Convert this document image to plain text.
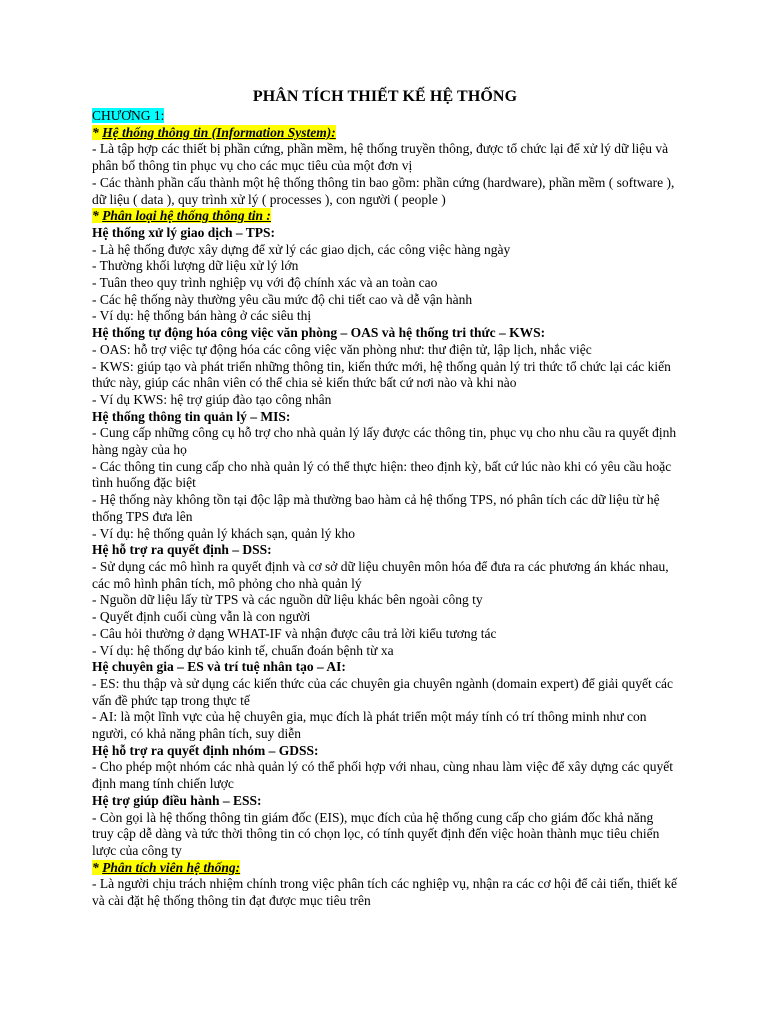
PHÂN TÍCH THIẾT KẾ HỆ THỐNG

CHƯƠNG 1:

* Hệ thống thông tin (Information System):

- Là tập hợp các thiết bị phần cứng, phần mềm, hệ thống truyền thông, được tổ chức lại để xử lý dữ liệu và phân bố thông tin phục vụ cho các mục tiêu của một đơn vị

- Các thành phần cấu thành một hệ thống thông tin bao gồm: phần cứng (hardware), phần mềm ( software ), dữ liệu ( data ), quy trình xử lý ( processes ), con người ( people )

* Phân loại hệ thống thông tin :

Hệ thống xử lý giao dịch – TPS:

- Là hệ thống được xây dựng để xử lý các giao dịch, các công việc hàng ngày

- Thường khối lượng dữ liệu xử lý lớn

- Tuân theo quy trình nghiệp vụ với độ chính xác và an toàn cao

- Các hệ thống này thường yêu cầu mức độ chi tiết cao và dễ vận hành

- Ví dụ: hệ thống bán hàng ở các siêu thị

Hệ thống tự động hóa công việc văn phòng – OAS và hệ thống tri thức – KWS:

- OAS: hỗ trợ việc tự động hóa các công việc văn phòng như: thư điện tử, lập lịch, nhắc việc

- KWS: giúp tạo và phát triển những thông tin, kiến thức mới, hệ thống quản lý tri thức tổ chức lại các kiến thức này, giúp các nhân viên có thể chia sẻ kiến thức bất cứ nơi nào và khi nào

- Ví dụ KWS: hệ trợ giúp đào tạo công nhân

Hệ thống thông tin quản lý – MIS:

- Cung cấp những công cụ hỗ trợ cho nhà quản lý lấy được các thông tin, phục vụ cho nhu cầu ra quyết định hàng ngày của họ

- Các thông tin cung cấp cho nhà quản lý có thể thực hiện: theo định kỳ, bất cứ lúc nào khi có yêu cầu hoặc tình huống đặc biệt

- Hệ thống này không tồn tại độc lập mà thường bao hàm cả hệ thống TPS, nó phân tích các dữ liệu từ hệ thống TPS đưa lên

- Ví dụ: hệ thống quản lý khách sạn, quản lý kho

Hệ hỗ trợ ra quyết định – DSS:

- Sử dụng các mô hình ra quyết định và cơ sở dữ liệu chuyên môn hóa để đưa ra các phương án khác nhau, các mô hình phân tích, mô phỏng cho nhà quản lý

- Nguồn dữ liệu lấy từ TPS và các nguồn dữ liệu khác bên ngoài công ty

- Quyết định cuối cùng vẫn là con người

- Câu hỏi thường ở dạng WHAT-IF và nhận được câu trả lời kiểu tương tác

- Ví dụ: hệ thống dự báo kinh tế, chuẩn đoán bệnh từ xa

Hệ chuyên gia – ES và trí tuệ nhân tạo – AI:

- ES: thu thập và sử dụng các kiến thức của các chuyên gia chuyên ngành (domain expert) để giải quyết các vấn đề phức tạp trong thực tế

- AI: là một lĩnh vực của hệ chuyên gia, mục đích là phát triển một máy tính có trí thông minh như con người, có khả năng phân tích, suy diễn

Hệ hỗ trợ ra quyết định nhóm – GDSS:

- Cho phép một nhóm các nhà quản lý có thể phối hợp với nhau, cùng nhau làm việc để xây dựng các quyết định mang tính chiến lược

Hệ trợ giúp điều hành – ESS:

- Còn gọi là hệ thống thông tin giám đốc (EIS), mục đích của hệ thống cung cấp cho giám đốc khả năng truy cập dễ dàng và tức thời thông tin có chọn lọc, có tính quyết định đến việc hoàn thành mục tiêu chiến lược của công ty

* Phân tích viên hệ thống:

- Là người chịu trách nhiệm chính trong việc phân tích các nghiệp vụ, nhận ra các cơ hội để cải tiến, thiết kế và cài đặt hệ thống thông tin đạt được mục tiêu trên
